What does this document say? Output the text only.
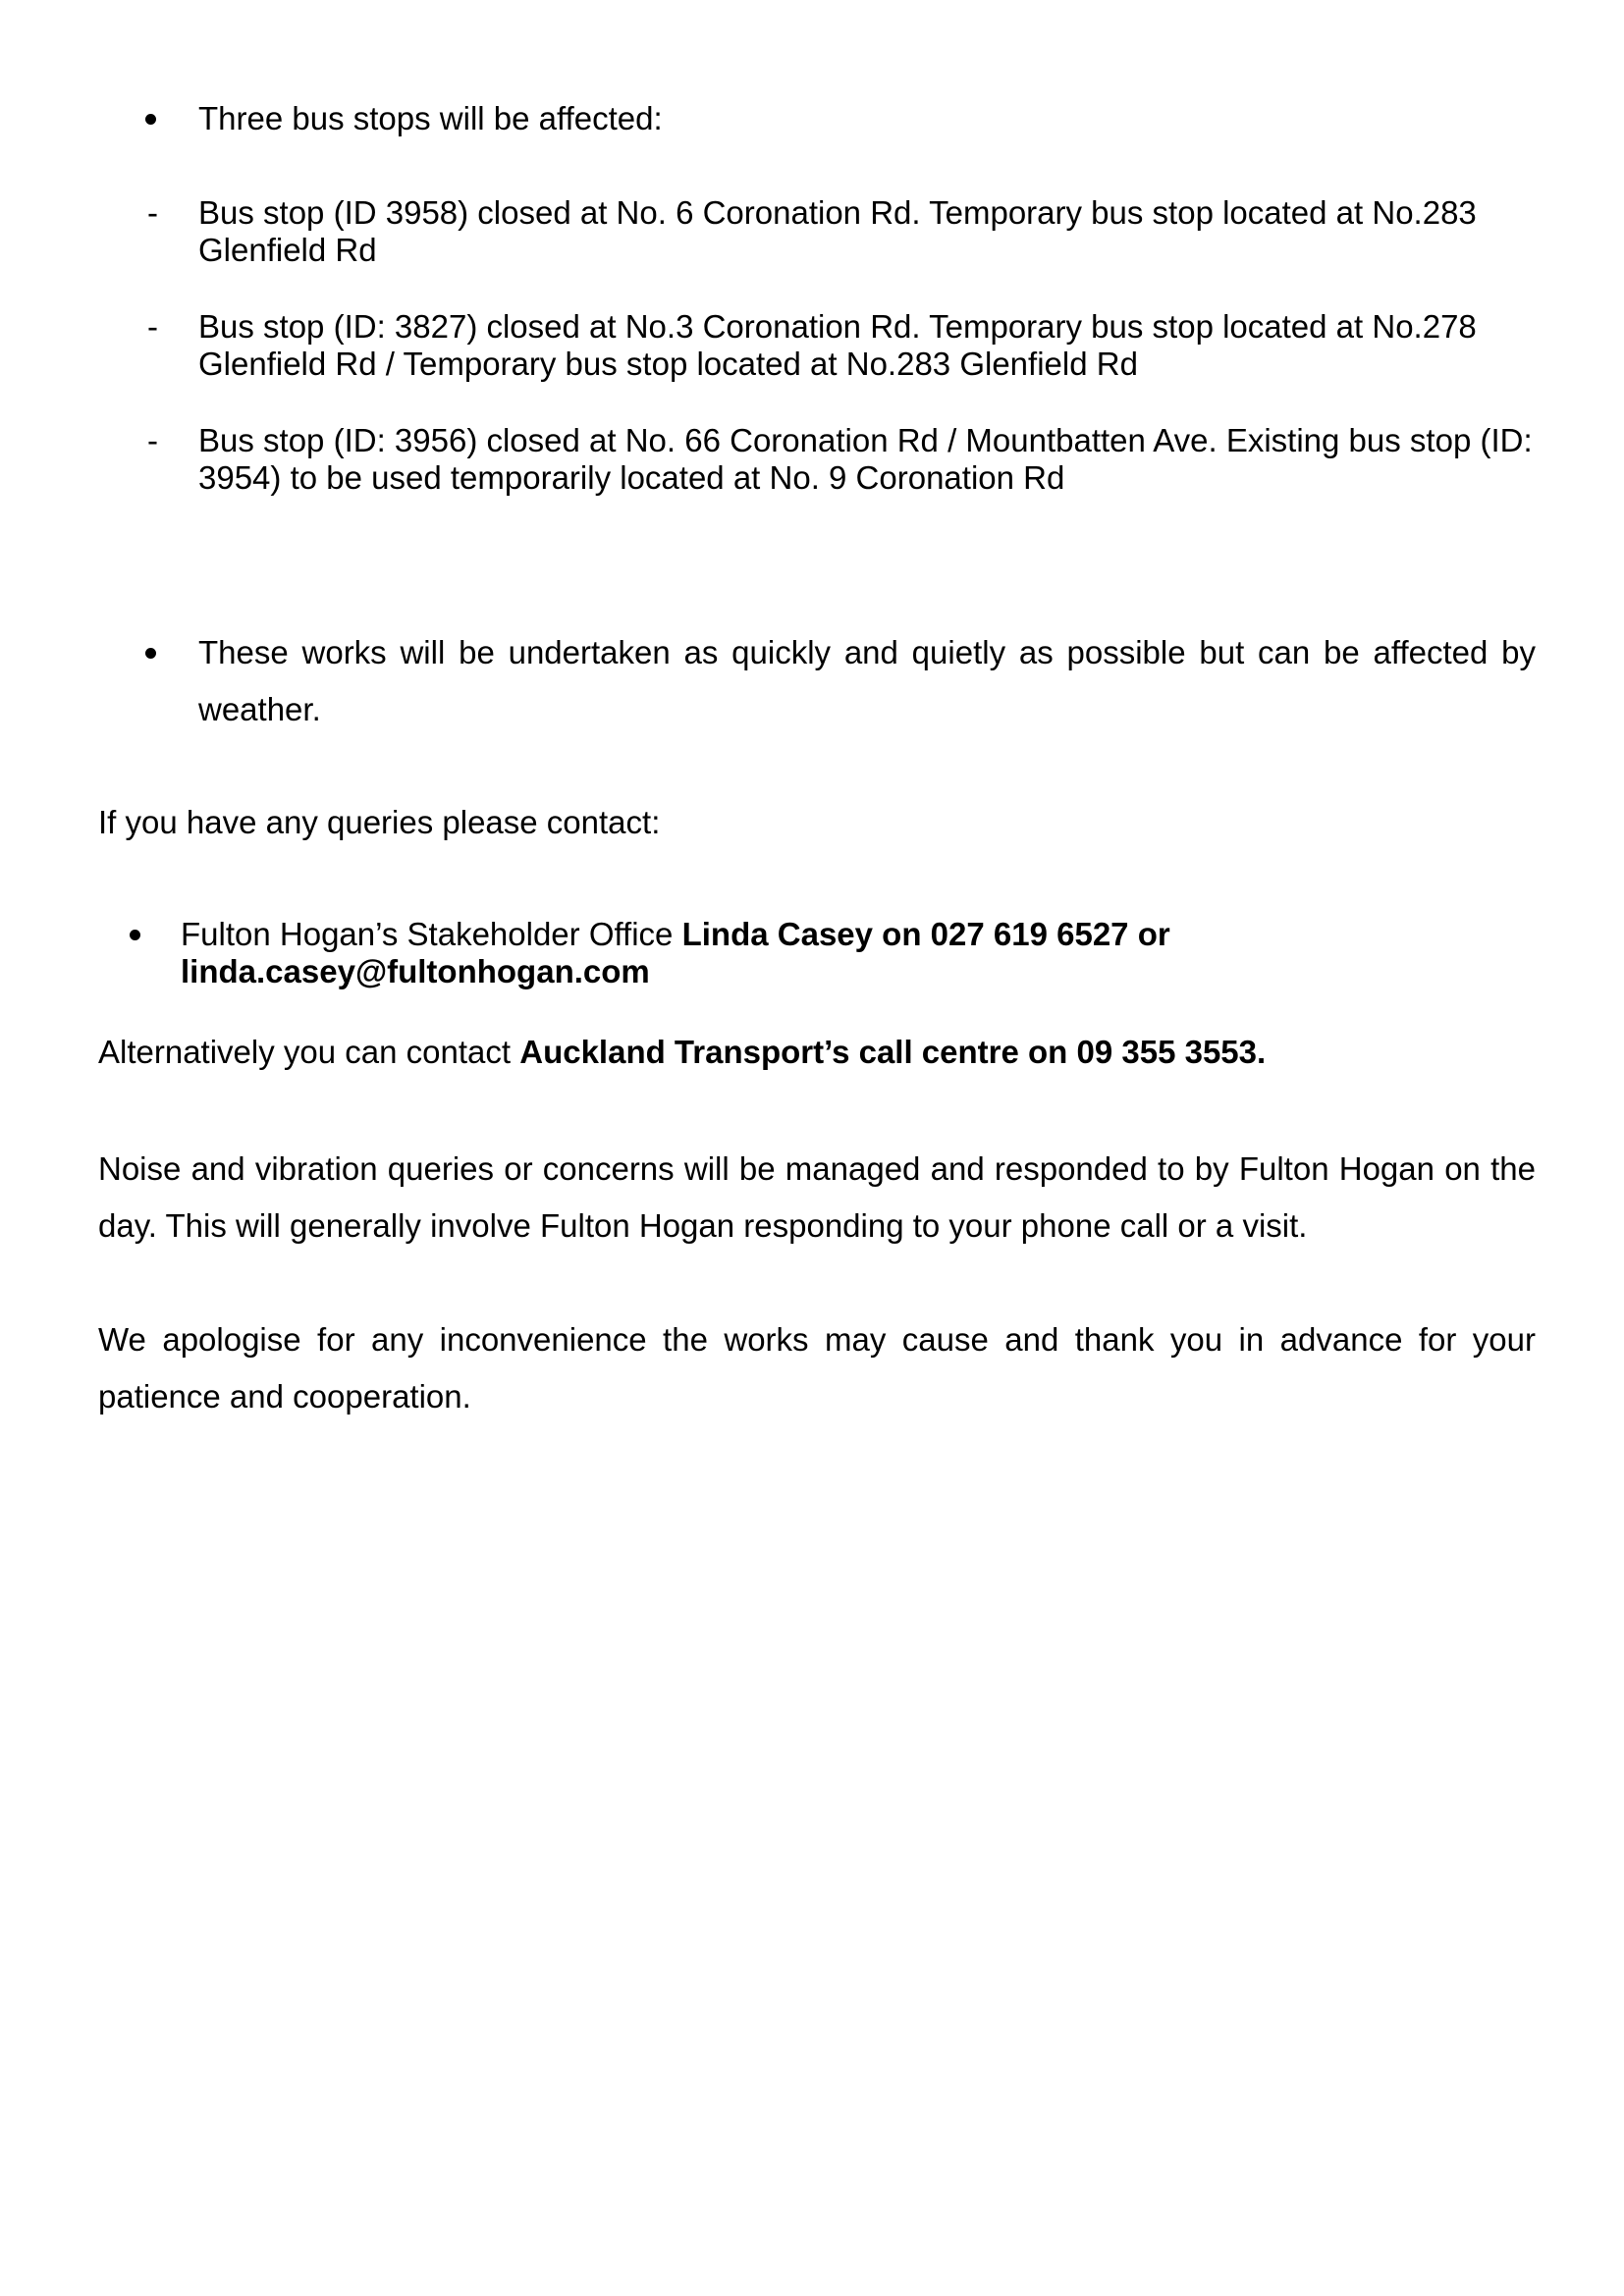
Three bus stops will be affected:
-	Bus stop (ID 3958) closed at No. 6 Coronation Rd. Temporary bus stop located at No.283 Glenfield Rd
-	Bus stop (ID: 3827) closed at No.3 Coronation Rd. Temporary bus stop located at No.278 Glenfield Rd / Temporary bus stop located at No.283 Glenfield Rd
-	Bus stop (ID: 3956) closed at No. 66 Coronation Rd / Mountbatten Ave. Existing bus stop (ID: 3954) to be used temporarily located at No. 9 Coronation Rd
These works will be undertaken as quickly and quietly as possible but can be affected by weather.
If you have any queries please contact:
Fulton Hogan’s Stakeholder Office Linda Casey on 027 619 6527 or linda.casey@fultonhogan.com
Alternatively you can contact Auckland Transport’s call centre on 09 355 3553.
Noise and vibration queries or concerns will be managed and responded to by Fulton Hogan on the day. This will generally involve Fulton Hogan responding to your phone call or a visit.
We apologise for any inconvenience the works may cause and thank you in advance for your patience and cooperation.
